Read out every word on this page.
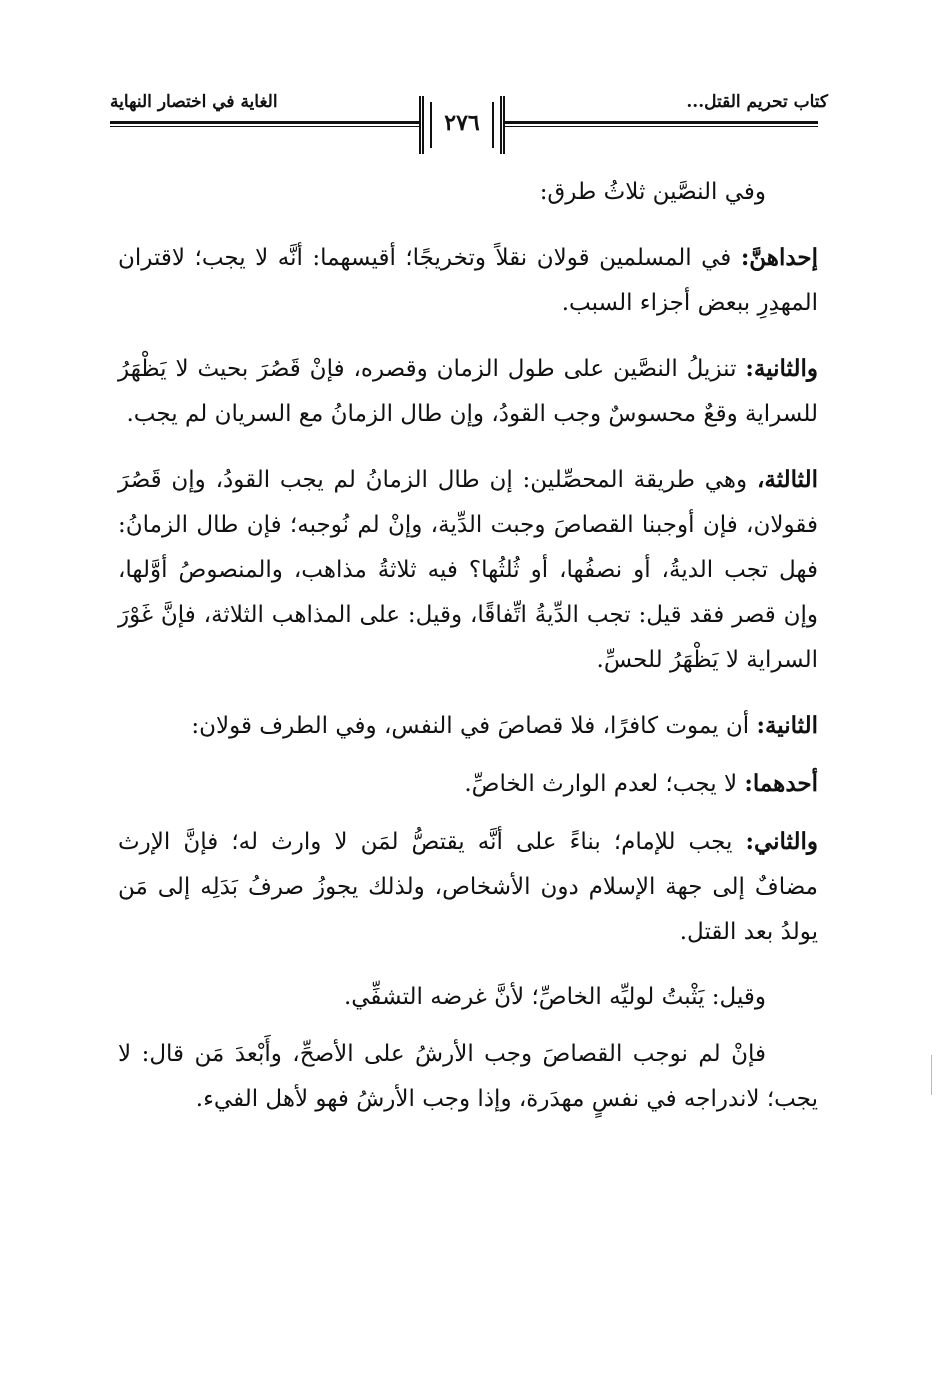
كتاب تحريم القتل...
الغاية في اختصار النهاية
٢٧٦

وفي النصَّين ثلاثُ طرق:

إحداهنَّ: في المسلمين قولان نقلاً وتخريجًا؛ أقيسهما: أنَّه لا يجب؛ لاقتران المهدِرِ ببعض أجزاء السبب.

والثانية: تنزيلُ النصَّين على طول الزمان وقصره، فإنْ قَصُرَ بحيث لا يَظْهَرُ للسراية وقعٌ محسوسٌ وجب القودُ، وإن طال الزمانُ مع السريان لم يجب.

الثالثة، وهي طريقة المحصِّلين: إن طال الزمانُ لم يجب القودُ، وإن قَصُرَ فقولان، فإن أوجبنا القصاصَ وجبت الدِّية، وإنْ لم نُوجبه؛ فإن طال الزمانُ: فهل تجب الديةُ، أو نصفُها، أو ثُلثُها؟ فيه ثلاثةُ مذاهب، والمنصوصُ أوَّلها، وإن قصر فقد قيل: تجب الدِّيةُ اتِّفاقًا، وقيل: على المذاهب الثلاثة، فإنَّ غَوْرَ السراية لا يَظْهَرُ للحسِّ.

الثانية: أن يموت كافرًا، فلا قصاصَ في النفس، وفي الطرف قولان:

أحدهما: لا يجب؛ لعدم الوارث الخاصِّ.

والثاني: يجب للإمام؛ بناءً على أنَّه يقتصُّ لمَن لا وارث له؛ فإنَّ الإرث مضافٌ إلى جهة الإسلام دون الأشخاص، ولذلك يجوزُ صرفُ بَدَلِه إلى مَن يولدُ بعد القتل.

وقيل: يَثْبتُ لوليِّه الخاصِّ؛ لأنَّ غرضه التشفِّي.

فإنْ لم نوجب القصاصَ وجب الأرشُ على الأصحِّ، وأَبْعدَ مَن قال: لا يجب؛ لاندراجه في نفسٍ مهدَرة، وإذا وجب الأرشُ فهو لأهل الفيء.
